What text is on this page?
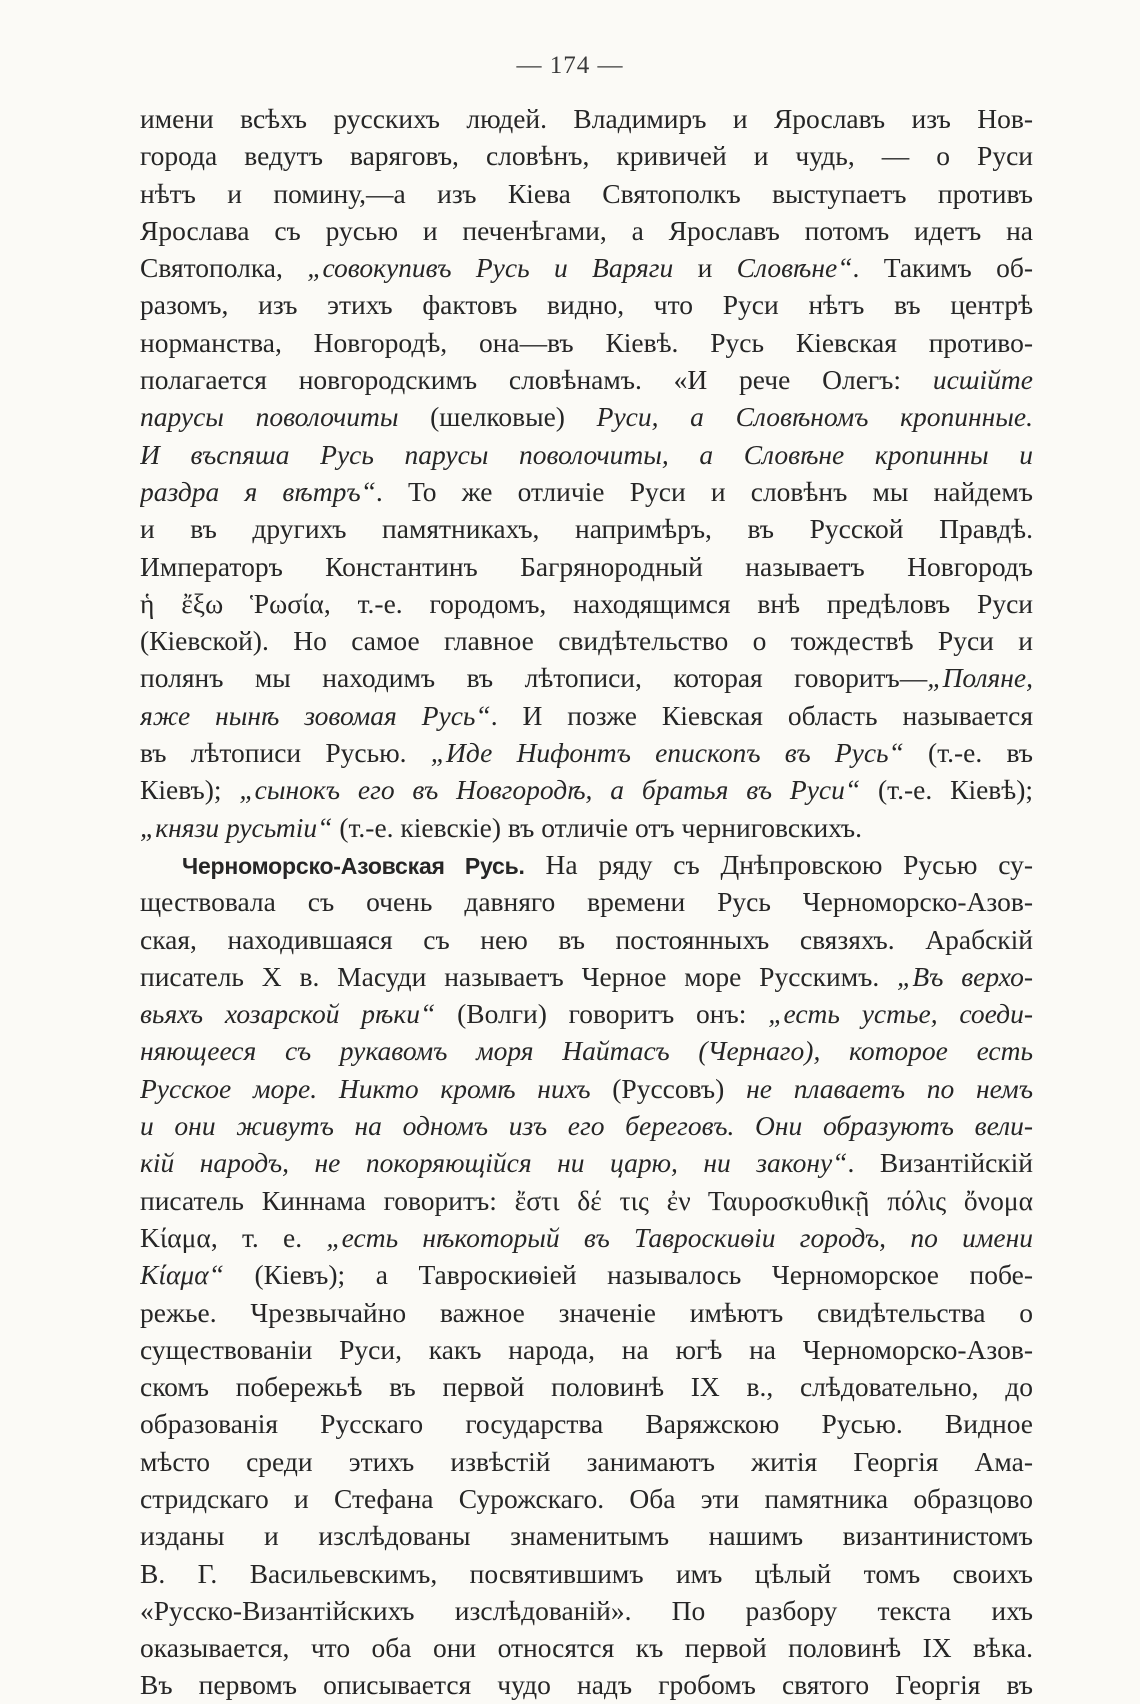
— 174 —
имени всѣхъ русскихъ людей. Владимиръ и Ярославъ изъ Нов-
города ведутъ варяговъ, словѣнъ, кривичей и чудь, — о Руси
нѣтъ и помину,—а изъ Кіева Святополкъ выступаетъ противъ
Ярослава съ русью и печенѣгами, а Ярославъ потомъ идетъ на
Святополка, „совокупивъ Русь и Варяги и Словѣне“. Такимъ об-
разомъ, изъ этихъ фактовъ видно, что Руси нѣтъ въ центрѣ
норманства, Новгородѣ, она—въ Кіевѣ. Русь Кіевская противо-
полагается новгородскимъ словѣнамъ. «И рече Олегъ: исшійте
парусы поволочиты (шелковые) Руси, а Словѣномъ кропинные.
И въспяша Русь парусы поволочиты, а Словѣне кропинны и
раздра я вѣтръ“. То же отличіе Руси и словѣнъ мы найдемъ
и въ другихъ памятникахъ, напримѣръ, въ Русской Правдѣ.
Императоръ Константинъ Багрянородный называетъ Новгородъ
ἡ ἔξω Ῥωσία, т.-е. городомъ, находящимся внѣ предѣловъ Руси
(Кіевской). Но самое главное свидѣтельство о тождествѣ Руси и
полянъ мы находимъ въ лѣтописи, которая говоритъ—„Поляне,
яже нынѣ зовомая Русь“. И позже Кіевская область называется
въ лѣтописи Русью. „Иде Нифонтъ епископъ въ Русь“ (т.-е. въ
Кіевъ); „сынокъ его въ Новгородѣ, а братья въ Руси“ (т.-е. Кіевѣ);
„князи русьтіи“ (т.-е. кіевскіе) въ отличіе отъ черниговскихъ.
Черноморско-Азовская Русь. На ряду съ Днѣпровскою Русью су-
ществовала съ очень давняго времени Русь Черноморско-Азов-
ская, находившаяся съ нею въ постоянныхъ связяхъ. Арабскій
писатель X в. Масуди называетъ Черное море Русскимъ. „Въ верхо-
вьяхъ хозарской рѣки“ (Волги) говоритъ онъ: „есть устье, соеди-
няющееся съ рукавомъ моря Найтасъ (Чернаго), которое есть
Русское море. Никто кромѣ нихъ (Руссовъ) не плаваетъ по немъ
и они живутъ на одномъ изъ его береговъ. Они образуютъ вели-
кій народъ, не покоряющійся ни царю, ни закону“. Византійскій
писатель Киннама говоритъ: ἔστι δέ τις ἐν Ταυροσκυθικῇ πόλις ὄνομα
Κίαμα, т. е. „есть нѣкоторый въ Тавроскиѳіи городъ, по имени
Κίαμα“ (Кіевъ); а Тавроскиѳіей называлось Черноморское побе-
режье. Чрезвычайно важное значеніе имѣютъ свидѣтельства о
существованіи Руси, какъ народа, на югѣ на Черноморско-Азов-
скомъ побережьѣ въ первой половинѣ IX в., слѣдовательно, до
образованія Русскаго государства Варяжскою Русью. Видное
мѣсто среди этихъ извѣстій занимаютъ житія Георгія Ама-
стридскаго и Стефана Сурожскаго. Оба эти памятника образцово
изданы и изслѣдованы знаменитымъ нашимъ византинистомъ
В. Г. Васильевскимъ, посвятившимъ имъ цѣлый томъ своихъ
«Русско-Византійскихъ изслѣдованій». По разбору текста ихъ
оказывается, что оба они относятся къ первой половинѣ IX вѣка.
Въ первомъ описывается чудо надъ гробомъ святого Георгія въ
